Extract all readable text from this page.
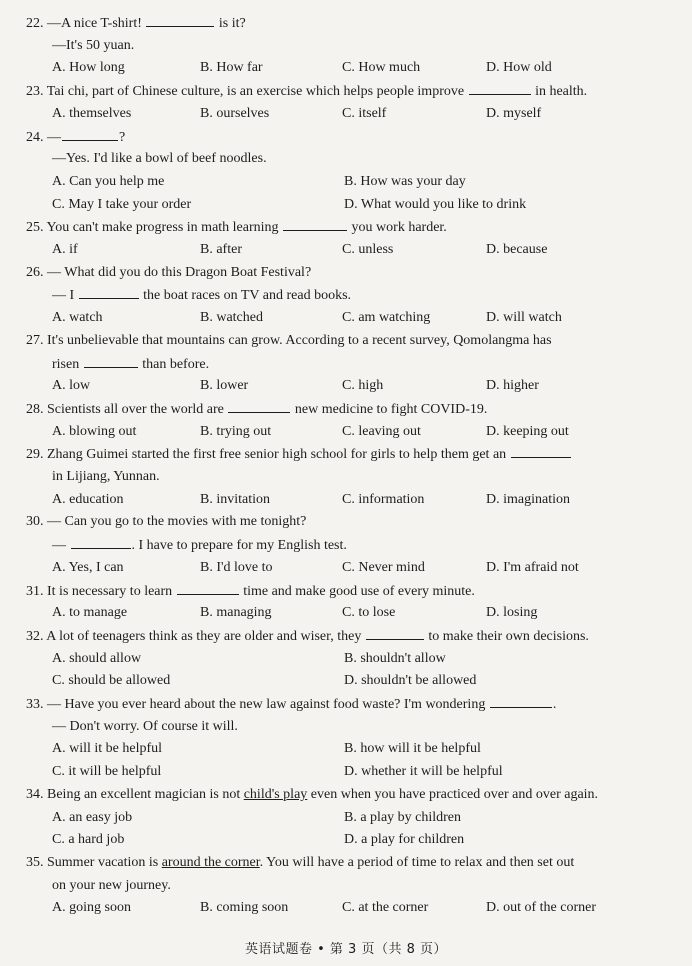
22. —A nice T-shirt!	is it?
—It's 50 yuan.
A. How long	B. How far	C. How much	D. How old
23. Tai chi, part of Chinese culture, is an exercise which helps people improve	in health.
A. themselves	B. ourselves	C. itself	D. myself
24. —	?
—Yes. I'd like a bowl of beef noodles.
A. Can you help me	B. How was your day
C. May I take your order	D. What would you like to drink
25. You can't make progress in math learning	you work harder.
A. if	B. after	C. unless	D. because
26. — What did you do this Dragon Boat Festival?
— I	the boat races on TV and read books.
A. watch	B. watched	C. am watching	D. will watch
27. It's unbelievable that mountains can grow. According to a recent survey, Qomolangma has
risen	than before.
A. low	B. lower	C. high	D. higher
28. Scientists all over the world are	new medicine to fight COVID-19.
A. blowing out	B. trying out	C. leaving out	D. keeping out
29. Zhang Guimei started the first free senior high school for girls to help them get an
in Lijiang, Yunnan.
A. education	B. invitation	C. information	D. imagination
30. — Can you go to the movies with me tonight?
—	. I have to prepare for my English test.
A. Yes, I can	B. I'd love to	C. Never mind	D. I'm afraid not
31. It is necessary to learn	time and make good use of every minute.
A. to manage	B. managing	C. to lose	D. losing
32. A lot of teenagers think as they are older and wiser, they	to make their own decisions.
A. should allow	B. shouldn't allow
C. should be allowed	D. shouldn't be allowed
33. — Have you ever heard about the new law against food waste? I'm wondering	.
— Don't worry. Of course it will.
A. will it be helpful	B. how will it be helpful
C. it will be helpful	D. whether it will be helpful
34. Being an excellent magician is not child's play even when you have practiced over and over again.
A. an easy job	B. a play by children
C. a hard job	D. a play for children
35. Summer vacation is around the corner. You will have a period of time to relax and then set out
on your new journey.
A. going soon	B. coming soon	C. at the corner	D. out of the corner
英语试题卷 • 第 3 页（共 8 页）
